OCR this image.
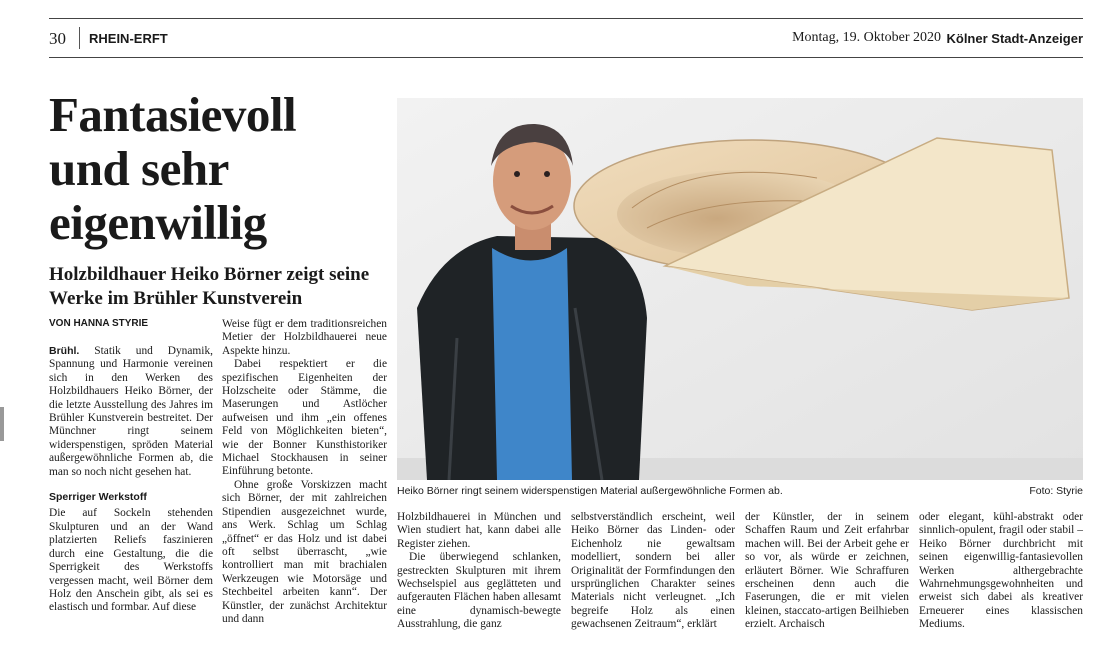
30 RHEIN-ERFT	Montag, 19. Oktober 2020 Kölner Stadt-Anzeiger
Fantasievoll und sehr eigenwillig
Holzbildhauer Heiko Börner zeigt seine Werke im Brühler Kunstverein
VON HANNA STYRIE

Brühl. Statik und Dynamik, Spannung und Harmonie vereinen sich in den Werken des Holzbildhauers Heiko Börner, der die letzte Ausstellung des Jahres im Brühler Kunstverein bestreitet. Der Münchner ringt seinem widerspenstigen, spröden Material außergewöhnliche Formen ab, die man so noch nicht gesehen hat.

Sperriger Werkstoff

Die auf Sockeln stehenden Skulpturen und an der Wand platzierten Reliefs faszinieren durch eine Gestaltung, die die Sperrigkeit des Werkstoffs vergessen macht, weil Börner dem Holz den Anschein gibt, als sei es elastisch und formbar. Auf diese

Weise fügt er dem traditionsreichen Metier der Holzbildhauerei neue Aspekte hinzu.

Dabei respektiert er die spezifischen Eigenheiten der Holzscheite oder Stämme, die Maserungen und Astlöcher aufweisen und ihm „ein offenes Feld von Möglichkeiten bieten“, wie der Bonner Kunsthistoriker Michael Stockhausen in seiner Einführung betonte.

Ohne große Vorskizzen macht sich Börner, der mit zahlreichen Stipendien ausgezeichnet wurde, ans Werk. Schlag um Schlag „öffnet“ er das Holz und ist dabei oft selbst überrascht, „wie kontrolliert man mit brachialen Werkzeugen wie Motorsäge und Stechbeitel arbeiten kann“. Der Künstler, der zunächst Architektur und dann

Heiko Börner ringt seinem widerspenstigen Material außergewöhnliche Formen ab.	Foto: Styrie

Holzbildhauerei in München und Wien studiert hat, kann dabei alle Register ziehen.

Die überwiegend schlanken, gestreckten Skulpturen mit ihrem Wechselspiel aus geglätteten und aufgerauten Flächen haben allesamt eine dynamisch-bewegte Ausstrahlung, die ganz

selbstverständlich erscheint, weil Heiko Börner das Linden- oder Eichenholz nie gewaltsam modelliert, sondern bei aller Originalität der Formfindungen den ursprünglichen Charakter seines Materials nicht verleugnet. „Ich begreife Holz als einen gewachsenen Zeitraum“, erklärt

der Künstler, der in seinem Schaffen Raum und Zeit erfahrbar machen will. Bei der Arbeit gehe er so vor, als würde er zeichnen, erläutert Börner. Wie Schraffuren erscheinen denn auch die Faserungen, die er mit vielen kleinen, staccato-artigen Beilhieben erzielt. Archaisch

oder elegant, kühl-abstrakt oder sinnlich-opulent, fragil oder stabil – Heiko Börner durchbricht mit seinen eigenwillig-fantasievollen Werken althergebrachte Wahrnehmungsgewohnheiten und erweist sich dabei als kreativer Erneuerer eines klassischen Mediums.
